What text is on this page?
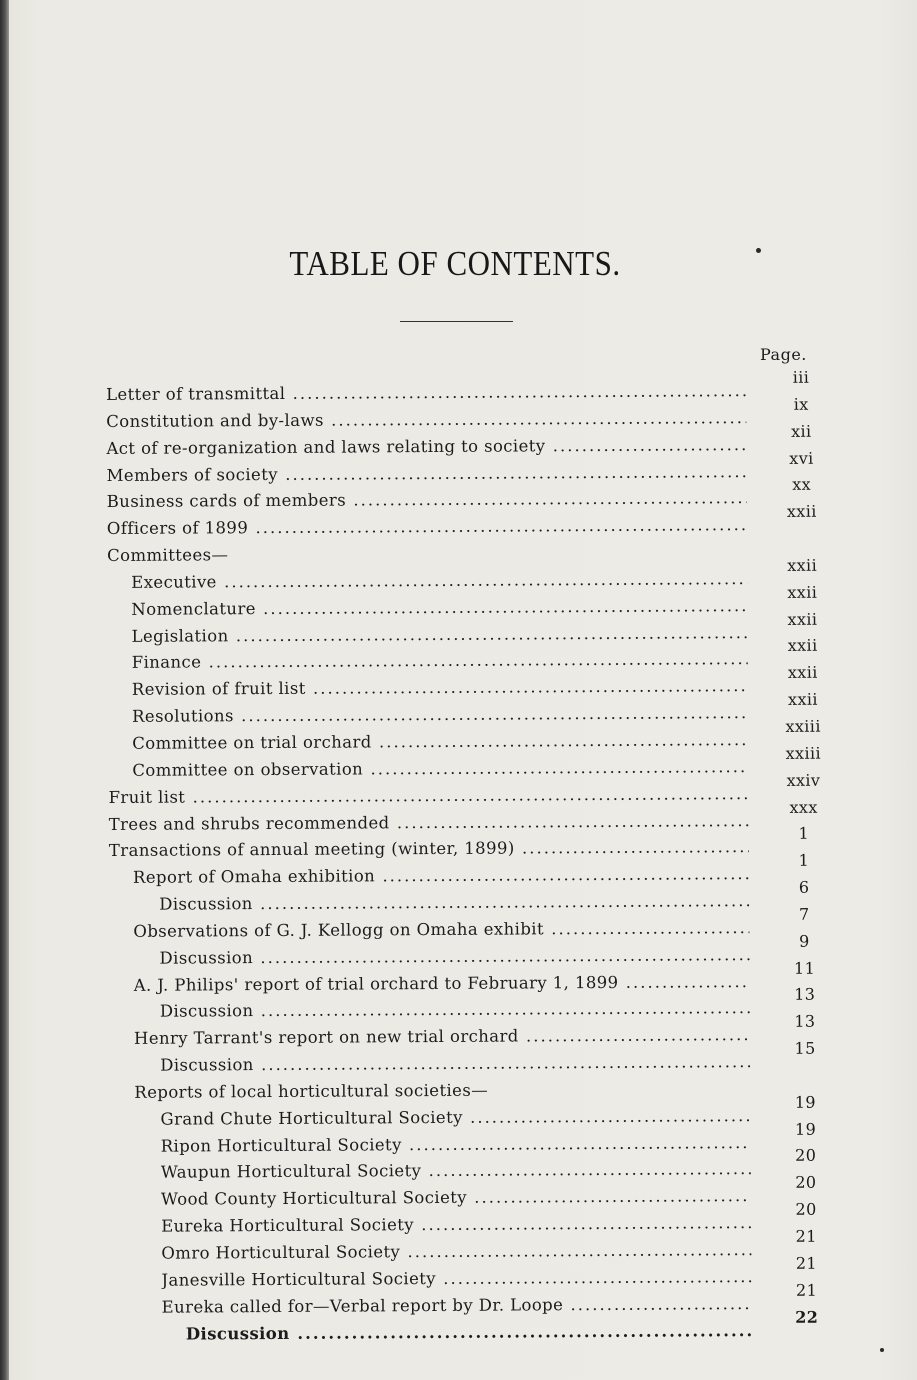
TABLE OF CONTENTS.
Page.
Letter of transmittal .....
iii
Constitution and by-laws .....
ix
Act of re-organization and laws relating to society .....
xii
Members of society .....
xvi
Business cards of members .....
xx
Officers of 1899 .....
xxii
Committees—
Executive .....
xxii
Nomenclature .....
xxii
Legislation .....
xxii
Finance .....
xxii
Revision of fruit list .....
xxii
Resolutions .....
xxii
Committee on trial orchard .....
xxiii
Committee on observation .....
xxiii
Fruit list .....
xxiv
Trees and shrubs recommended .....
xxx
Transactions of annual meeting (winter, 1899) .....
1
Report of Omaha exhibition .....
1
Discussion .....
6
Observations of G. J. Kellogg on Omaha exhibit .....
7
Discussion .....
9
A. J. Philips' report of trial orchard to February 1, 1899 .....
11
Discussion .....
13
Henry Tarrant's report on new trial orchard .....
13
Discussion .....
15
Reports of local horticultural societies—
Grand Chute Horticultural Society .....
19
Ripon Horticultural Society .....
19
Waupun Horticultural Society .....
20
Wood County Horticultural Society .....
20
Eureka Horticultural Society .....
20
Omro Horticultural Society .....
21
Janesville Horticultural Society .....
21
Eureka called for—Verbal report by Dr. Loope .....
21
Discussion .....
22
